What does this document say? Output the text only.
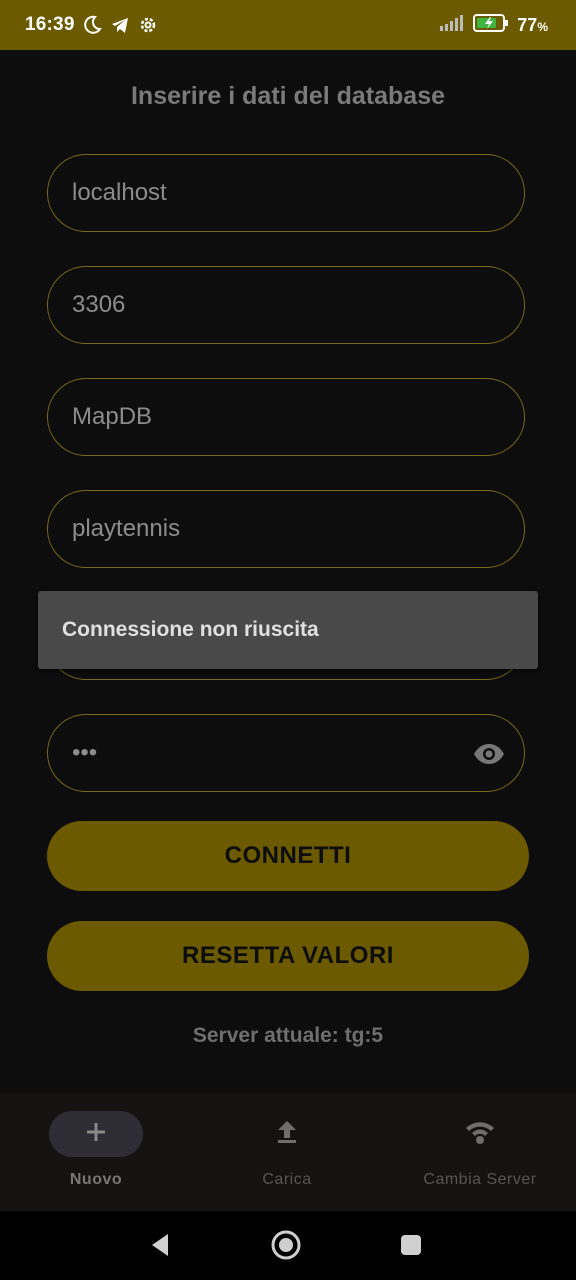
16:39	77%
Inserire i dati del database
localhost
3306
MapDB
playtennis
•••
Connessione non riuscita
CONNETTI
RESETTA VALORI
Server attuale: tg:5
Nuovo	Carica	Cambia Server
